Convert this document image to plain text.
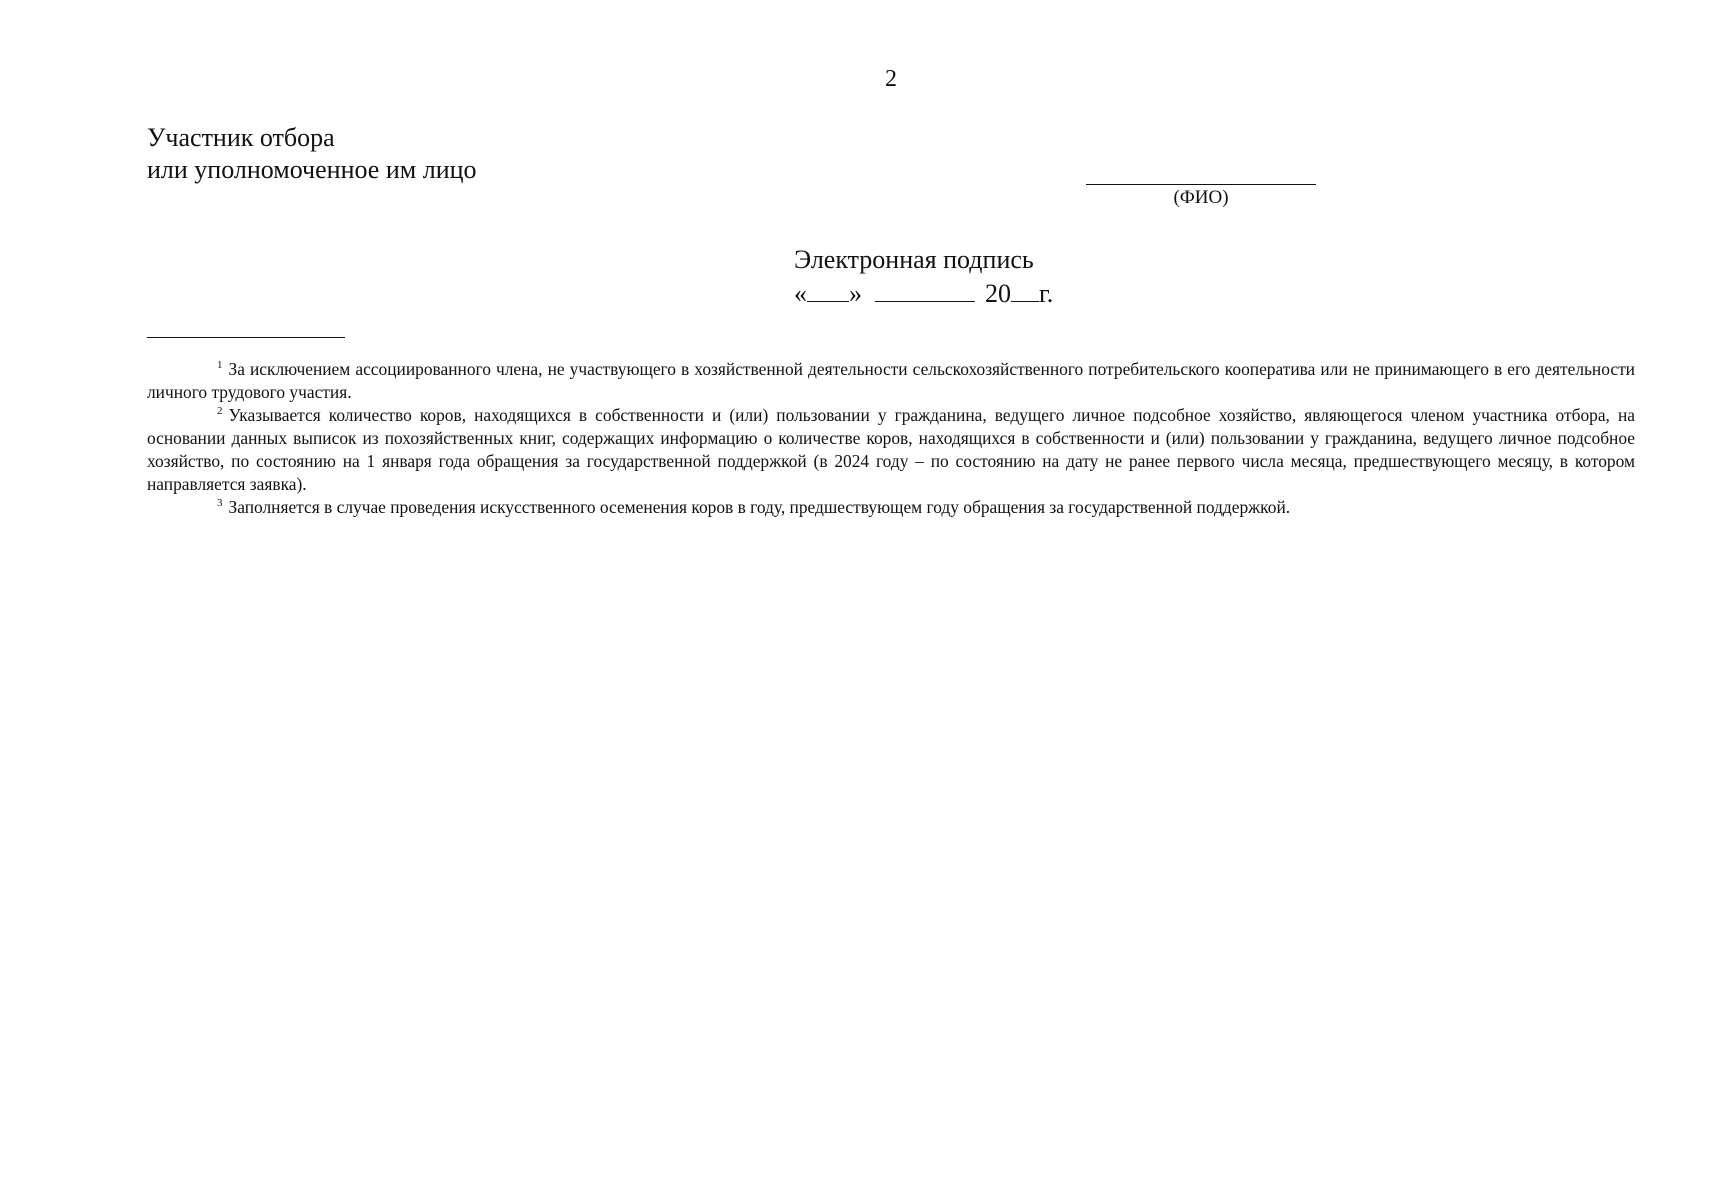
2
Участник отбора
или уполномоченное им лицо
(ФИО)
Электронная подпись
« »	20 г.

$^1$ За исключением ассоциированного члена, не участвующего в хозяйственной деятельности сельскохозяйственного потребительского кооператива или не принимающего в его деятельности личного трудового участия.

$^2$ Указывается количество коров, находящихся в собственности и (или) пользовании у гражданина, ведущего личное подсобное хозяйство, являющегося членом участника отбора, на основании данных выписок из похозяйственных книг, содержащих информацию о количестве коров, находящихся в собственности и (или) пользовании у гражданина, ведущего личное подсобное хозяйство, по состоянию на 1 января года обращения за государственной поддержкой (в 2024 году – по состоянию на дату не ранее первого числа месяца, предшествующего месяцу, в котором направляется заявка).

$^3$ Заполняется в случае проведения искусственного осеменения коров в году, предшествующем году обращения за государственной поддержкой.
